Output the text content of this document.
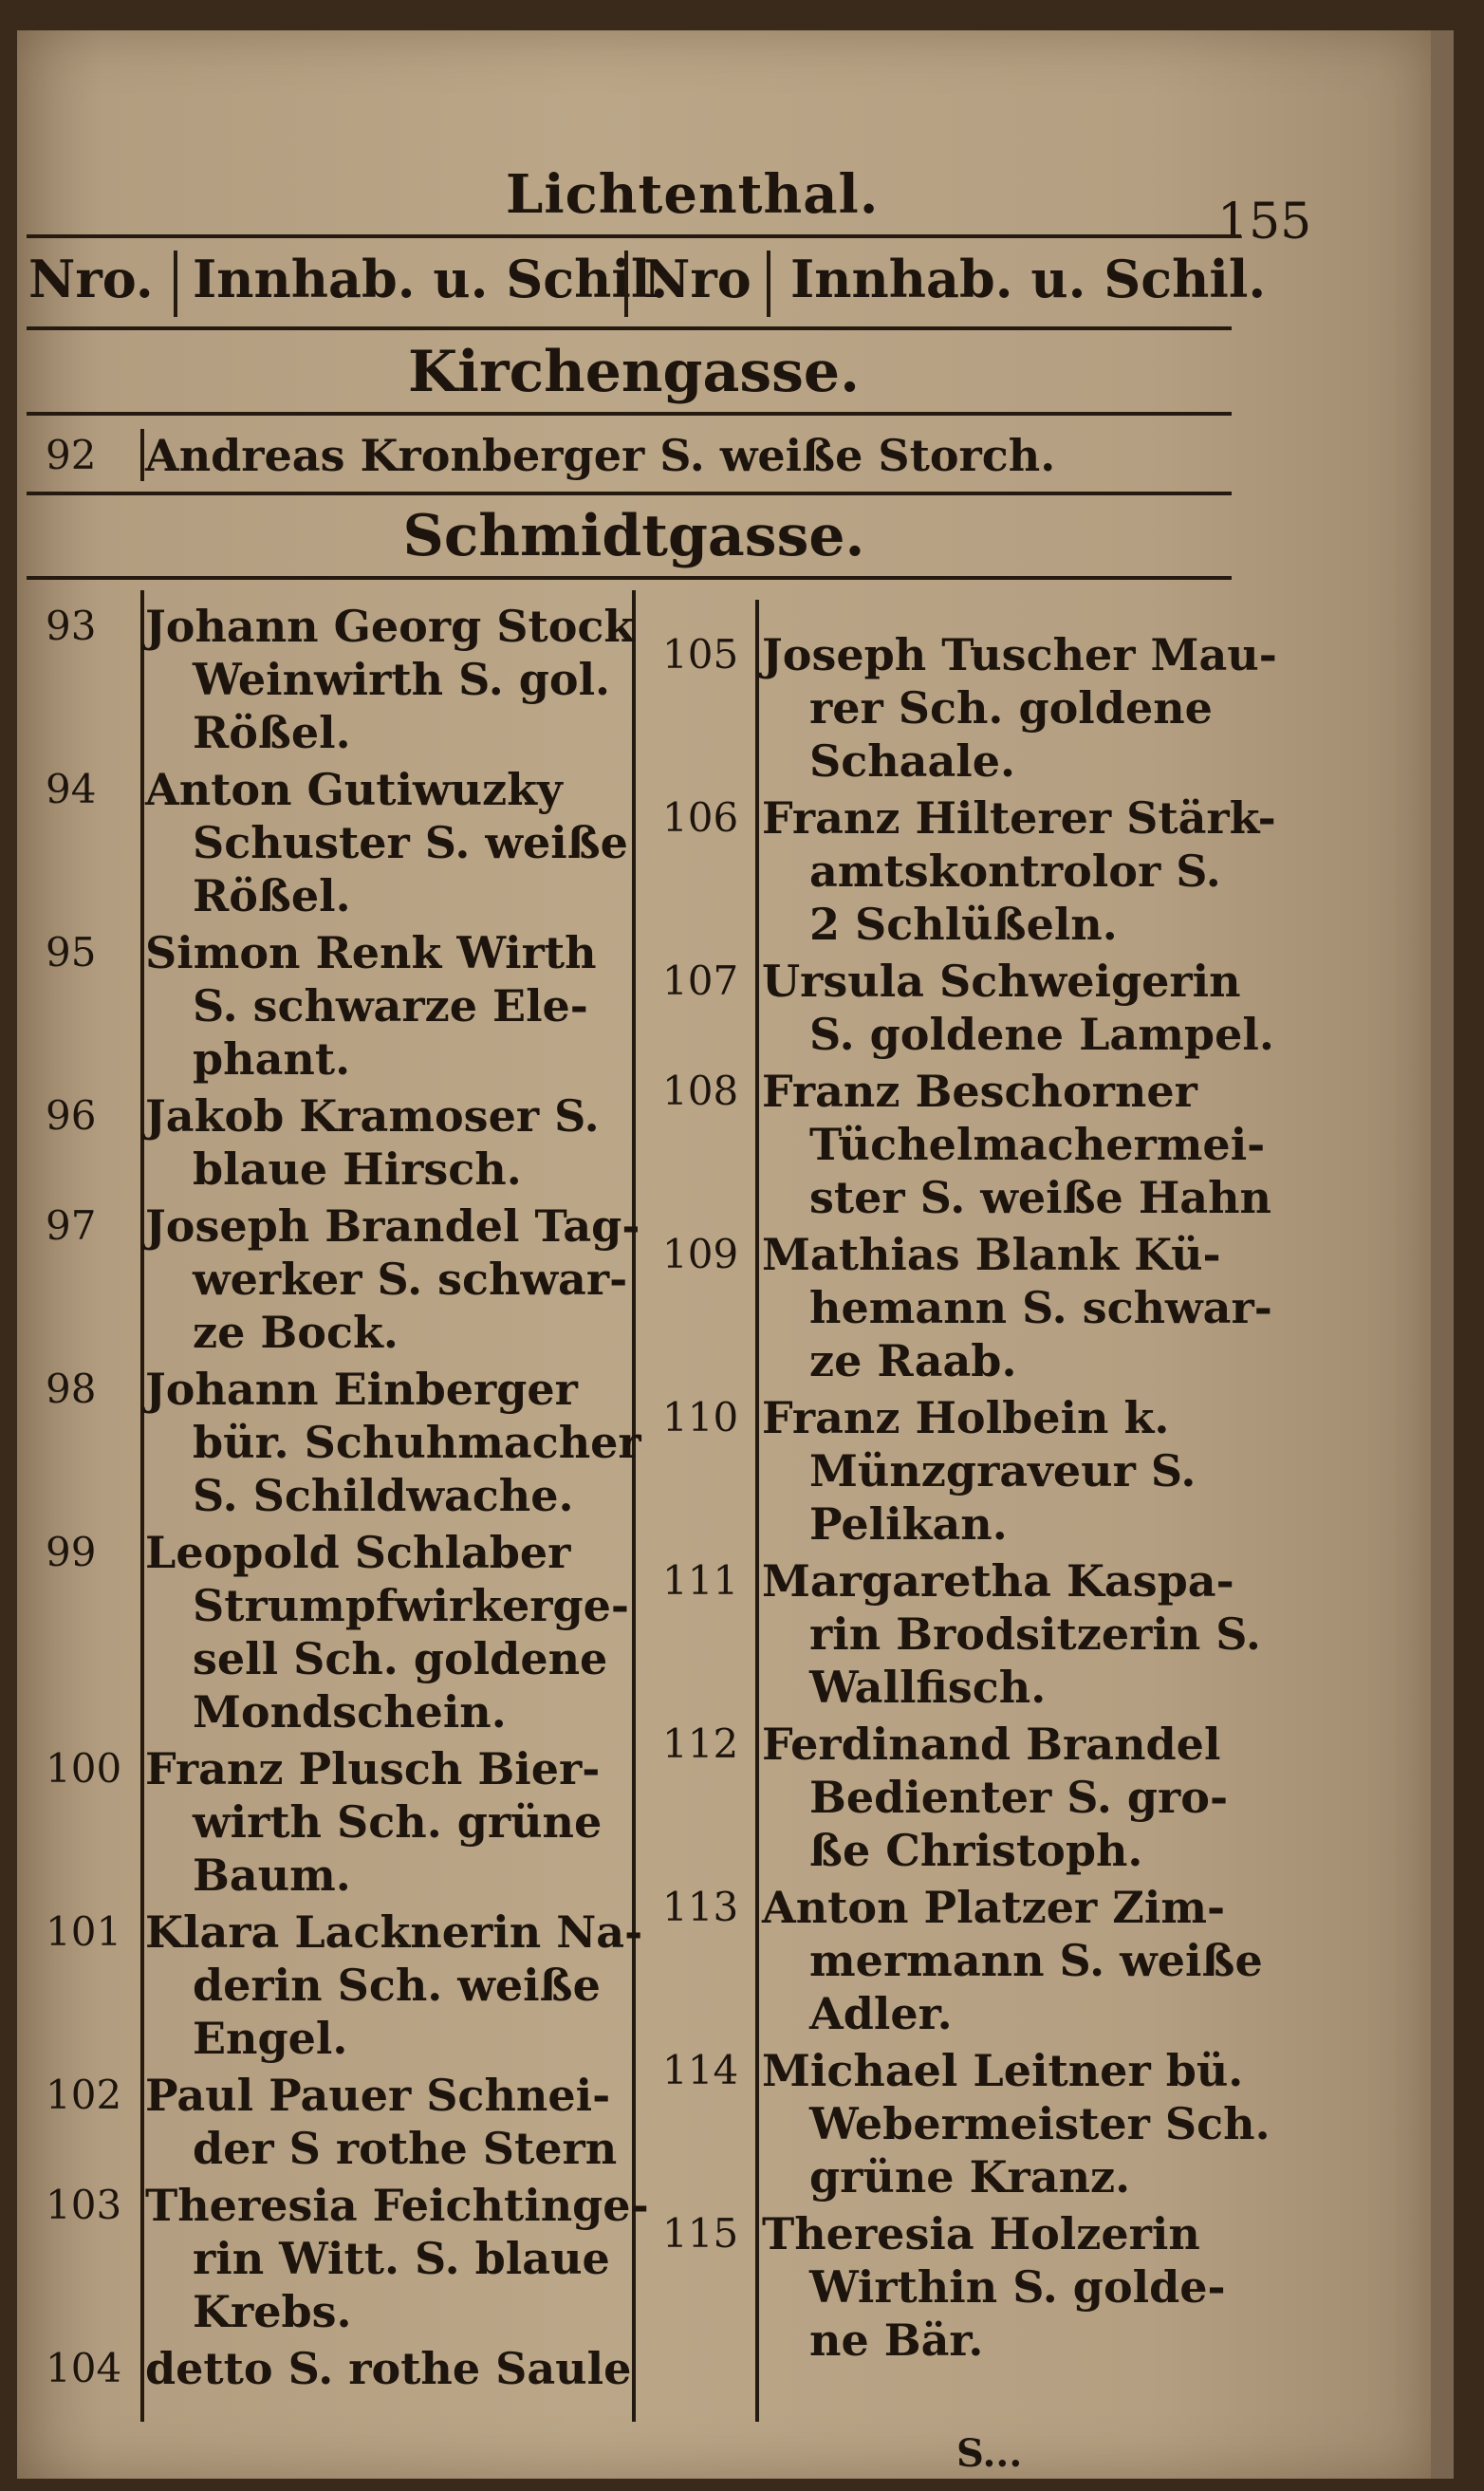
Lichtenthal.	155
Nro. Innhab. u. Schil.
Nro Innhab. u. Schil.
Kirchengasse.
92	Andreas Kronberger S. weiße Storch.
Schmidtgasse.
93	Johann Georg Stock
Weinwirth S. gol.
Rößel.
94	Anton Gutiwuzky
Schuster S. weiße
Rößel.
95	Simon Renk Wirth
S. schwarze Ele-
phant.
96	Jakob Kramoser S.
blaue Hirsch.
97	Joseph Brandel Tag-
werker S. schwar-
ze Bock.
98	Johann Einberger
bür. Schuhmacher
S. Schildwache.
99	Leopold Schlaber
Strumpfwirkerge-
sell Sch. goldene
Mondschein.
100 Franz Plusch Bier-
wirth Sch. grüne
Baum.
101 Klara Lacknerin Na-
derin Sch. weiße
Engel.
102 Paul Pauer Schnei-
der S rothe Stern
103 Theresia Feichtinge-
rin Witt. S. blaue
Krebs.
104 detto S. rothe Saule
105 Joseph Tuscher Mau-
rer Sch. goldene
Schaale.
106 Franz Hilterer Stärk-
amtskontrolor S.
2 Schlüßeln.
107 Ursula Schweigerin
S. goldene Lampel.
108 Franz Beschorner
Tüchelmachermei-
ster S. weiße Hahn
109 Mathias Blank Kü-
hemann S. schwar-
ze Raab.
110 Franz Holbein k.
Münzgraveur S.
Pelikan.
111 Margaretha Kaspa-
rin Brodsitzerin S.
Wallfisch.
112 Ferdinand Brandel
Bedienter S. gro-
ße Christoph.
113 Anton Platzer Zim-
mermann S. weiße
Adler.
114 Michael Leitner bü.
Webermeister Sch.
grüne Kranz.
115 Theresia Holzerin
Wirthin S. golde-
ne Bär.
S...
